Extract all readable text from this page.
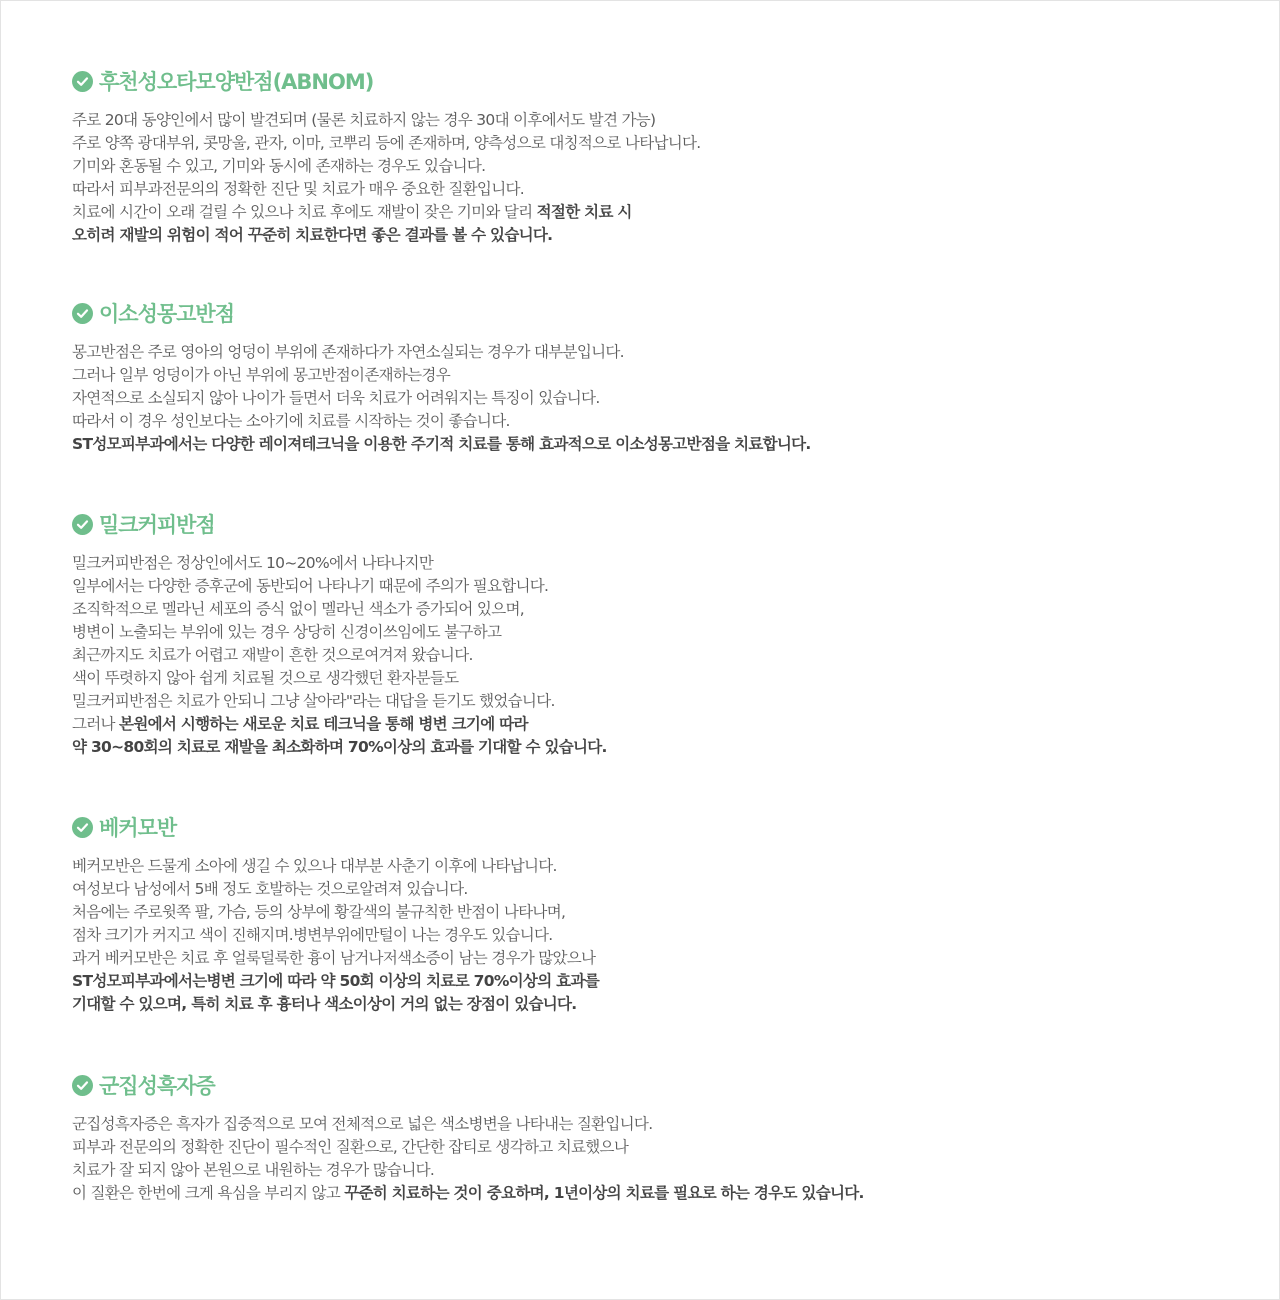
후천성오타모양반점(ABNOM)
주로 20대 동양인에서 많이 발견되며 (물론 치료하지 않는 경우 30대 이후에서도 발견 가능)
주로 양쪽 광대부위, 콧망울, 관자, 이마, 코뿌리 등에 존재하며, 양측성으로 대칭적으로 나타납니다.
기미와 혼동될 수 있고, 기미와 동시에 존재하는 경우도 있습니다.
따라서 피부과전문의의 정확한 진단 및 치료가 매우 중요한 질환입니다.
치료에 시간이 오래 걸릴 수 있으나 치료 후에도 재발이 잦은 기미와 달리 적절한 치료 시
오히려 재발의 위험이 적어 꾸준히 치료한다면 좋은 결과를 볼 수 있습니다.
이소성몽고반점
몽고반점은 주로 영아의 엉덩이 부위에 존재하다가 자연소실되는 경우가 대부분입니다.
그러나 일부 엉덩이가 아닌 부위에 몽고반점이존재하는경우
자연적으로 소실되지 않아 나이가 들면서 더욱 치료가 어려워지는 특징이 있습니다.
따라서 이 경우 성인보다는 소아기에 치료를 시작하는 것이 좋습니다.
ST성모피부과에서는 다양한 레이져테크닉을 이용한 주기적 치료를 통해 효과적으로 이소성몽고반점을 치료합니다.
밀크커피반점
밀크커피반점은 정상인에서도 10~20%에서 나타나지만
일부에서는 다양한 증후군에 동반되어 나타나기 때문에 주의가 필요합니다.
조직학적으로 멜라닌 세포의 증식 없이 멜라닌 색소가 증가되어 있으며,
병변이 노출되는 부위에 있는 경우 상당히 신경이쓰임에도 불구하고
최근까지도 치료가 어렵고 재발이 흔한 것으로여겨져 왔습니다.
색이 뚜렷하지 않아 쉽게 치료될 것으로 생각했던 환자분들도
밀크커피반점은 치료가 안되니 그냥 살아라"라는 대답을 듣기도 했었습니다.
그러나 본원에서 시행하는 새로운 치료 테크닉을 통해 병변 크기에 따라
약 30~80회의 치료로 재발을 최소화하며 70%이상의 효과를 기대할 수 있습니다.
베커모반
베커모반은 드물게 소아에 생길 수 있으나 대부분 사춘기 이후에 나타납니다.
여성보다 남성에서 5배 정도 호발하는 것으로알려져 있습니다.
처음에는 주로윗쪽 팔, 가슴, 등의 상부에 황갈색의 불규칙한 반점이 나타나며,
점차 크기가 커지고 색이 진해지며.병변부위에만털이 나는 경우도 있습니다.
과거 베커모반은 치료 후 얼룩덜룩한 흉이 남거나저색소증이 남는 경우가 많았으나
ST성모피부과에서는병변 크기에 따라 약 50회 이상의 치료로 70%이상의 효과를
기대할 수 있으며, 특히 치료 후 흉터나 색소이상이 거의 없는 장점이 있습니다.
군집성흑자증
군집성흑자증은 흑자가 집중적으로 모여 전체적으로 넓은 색소병변을 나타내는 질환입니다.
피부과 전문의의 정확한 진단이 필수적인 질환으로, 간단한 잡티로 생각하고 치료했으나
치료가 잘 되지 않아 본원으로 내원하는 경우가 많습니다.
이 질환은 한번에 크게 욕심을 부리지 않고 꾸준히 치료하는 것이 중요하며, 1년이상의 치료를 필요로 하는 경우도 있습니다.
